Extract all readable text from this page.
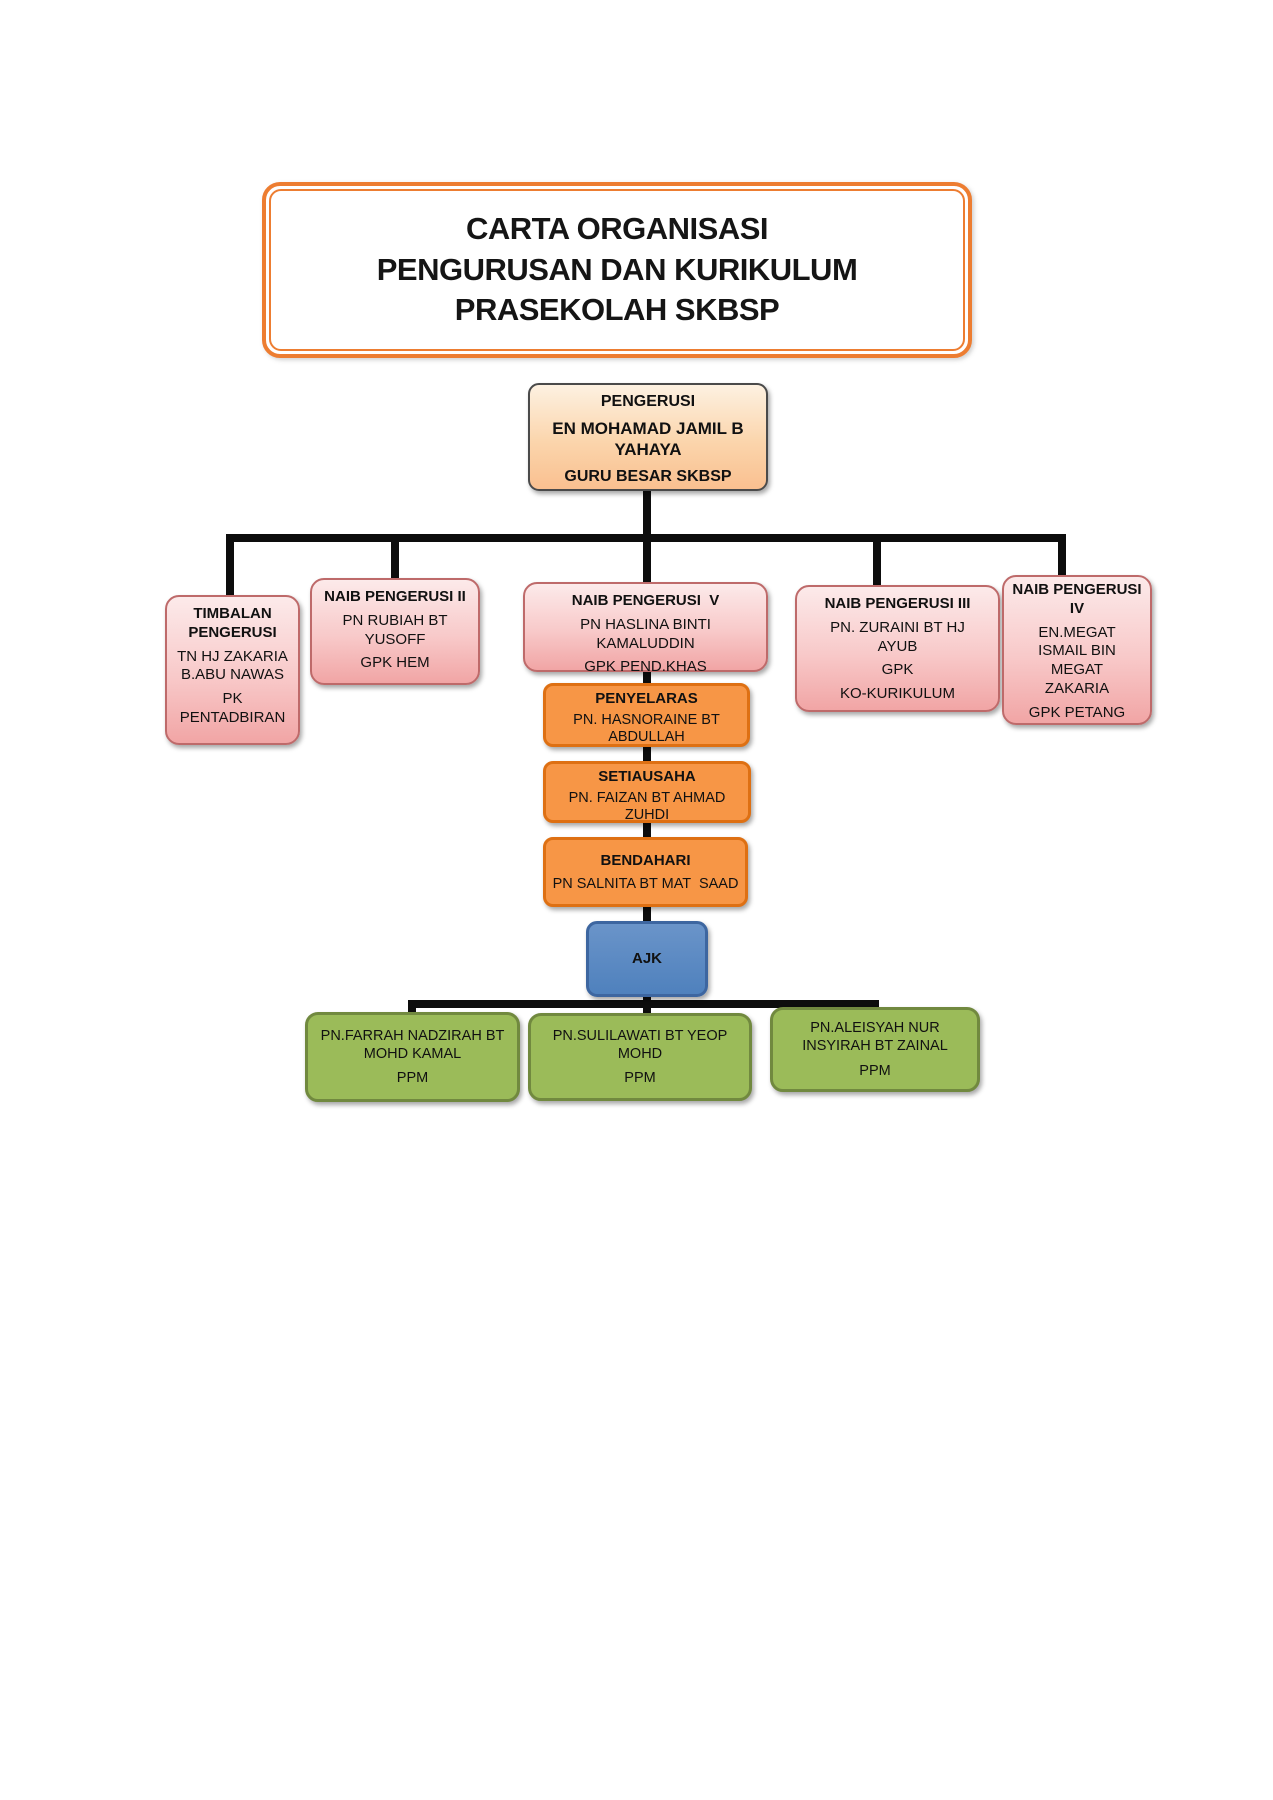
CARTA ORGANISASI
PENGURUSAN DAN KURIKULUM
PRASEKOLAH SKBSP
PENGERUSI
EN MOHAMAD JAMIL B YAHAYA
GURU BESAR SKBSP
TIMBALAN PENGERUSI
TN HJ ZAKARIA B.ABU NAWAS
PK PENTADBIRAN
NAIB PENGERUSI II
PN RUBIAH BT YUSOFF
GPK HEM
NAIB PENGERUSI  V
PN HASLINA BINTI KAMALUDDIN
GPK PEND.KHAS
NAIB PENGERUSI III
PN. ZURAINI BT HJ AYUB
GPK
KO-KURIKULUM
NAIB PENGERUSI IV
EN.MEGAT ISMAIL BIN MEGAT ZAKARIA
GPK PETANG
PENYELARAS
PN. HASNORAINE BT ABDULLAH
SETIAUSAHA
PN. FAIZAN BT AHMAD ZUHDI
BENDAHARI
PN SALNITA BT MAT  SAAD
AJK
PN.FARRAH NADZIRAH BT MOHD KAMAL
PPM
PN.SULILAWATI BT YEOP MOHD
PPM
PN.ALEISYAH NUR INSYIRAH BT ZAINAL
PPM
